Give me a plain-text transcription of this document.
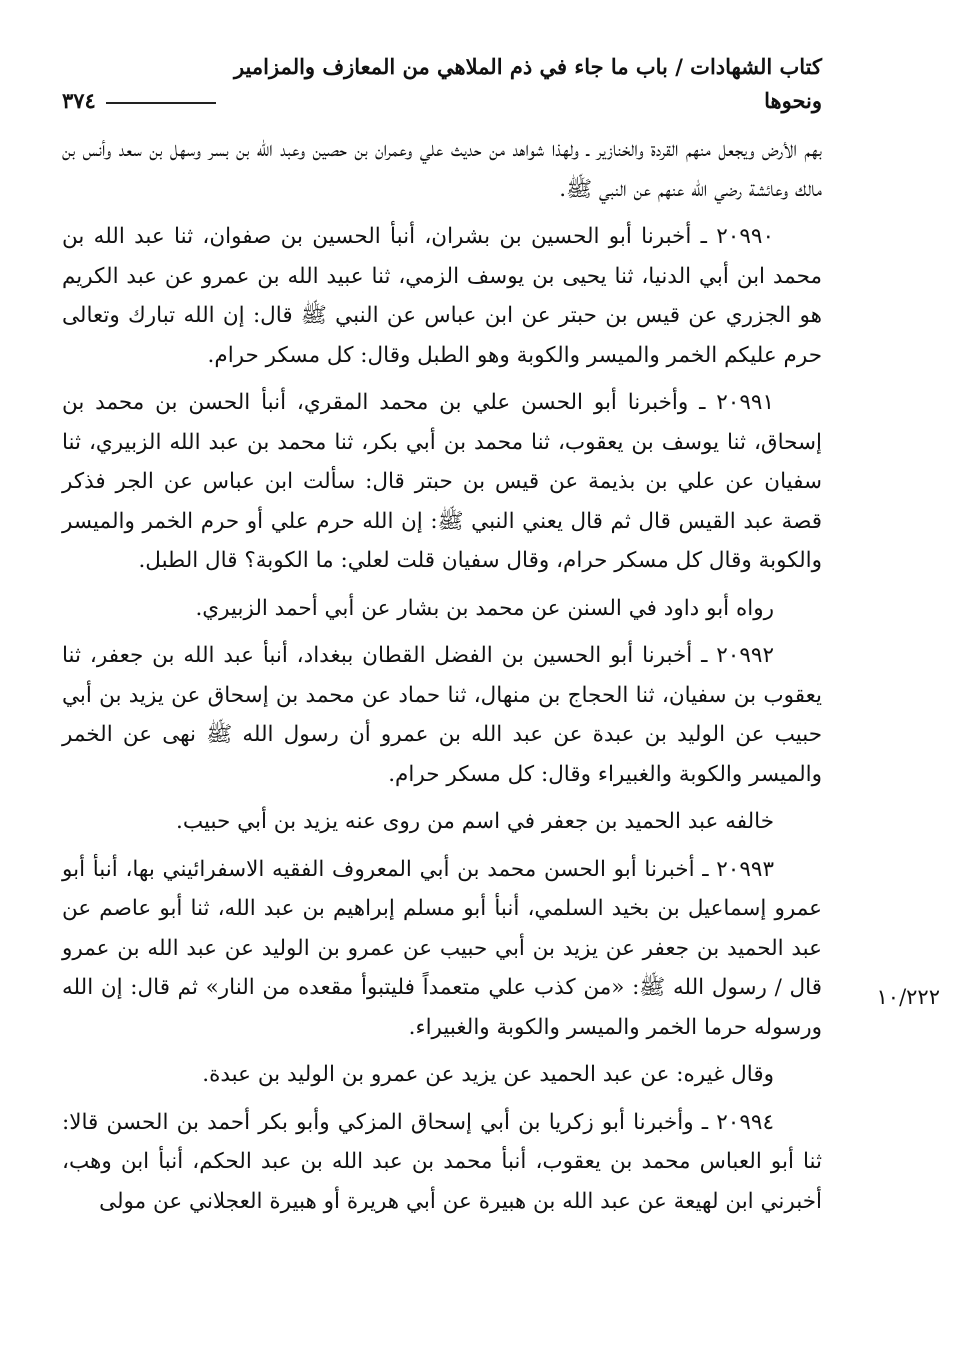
كتاب الشهادات / باب ما جاء في ذم الملاهي من المعازف والمزامير ونحوها
٣٧٤

بهم الأرض ويجعل منهم القردة والخنازير ـ ولهذا شواهد من حديث علي وعمران بن حصين وعبد الله بن بسر وسهل بن سعد وأنس بن مالك وعائشة رضي الله عنهم عن النبي ﷺ.

٢٠٩٩٠ ـ أخبرنا أبو الحسين بن بشران، أنبأ الحسين بن صفوان، ثنا عبد الله بن محمد ابن أبي الدنيا، ثنا يحيى بن يوسف الزمي، ثنا عبيد الله بن عمرو عن عبد الكريم هو الجزري عن قيس بن حبتر عن ابن عباس عن النبي ﷺ قال: إن الله تبارك وتعالى حرم عليكم الخمر والميسر والكوبة وهو الطبل وقال: كل مسكر حرام.

٢٠٩٩١ ـ وأخبرنا أبو الحسن علي بن محمد المقري، أنبأ الحسن بن محمد بن إسحاق، ثنا يوسف بن يعقوب، ثنا محمد بن أبي بكر، ثنا محمد بن عبد الله الزبيري، ثنا سفيان عن علي بن بذيمة عن قيس بن حبتر قال: سألت ابن عباس عن الجر فذكر قصة عبد القيس قال ثم قال يعني النبي ﷺ: إن الله حرم علي أو حرم الخمر والميسر والكوبة وقال كل مسكر حرام، وقال سفيان قلت لعلي: ما الكوبة؟ قال الطبل.

رواه أبو داود في السنن عن محمد بن بشار عن أبي أحمد الزبيري.

٢٠٩٩٢ ـ أخبرنا أبو الحسين بن الفضل القطان ببغداد، أنبأ عبد الله بن جعفر، ثنا يعقوب بن سفيان، ثنا الحجاج بن منهال، ثنا حماد عن محمد بن إسحاق عن يزيد بن أبي حبيب عن الوليد بن عبدة عن عبد الله بن عمرو أن رسول الله ﷺ نهى عن الخمر والميسر والكوبة والغبيراء وقال: كل مسكر حرام.

خالفه عبد الحميد بن جعفر في اسم من روى عنه يزيد بن أبي حبيب.

٢٠٩٩٣ ـ أخبرنا أبو الحسن محمد بن أبي المعروف الفقيه الاسفرائيني بها، أنبأ أبو عمرو إسماعيل بن بخيد السلمي، أنبأ أبو مسلم إبراهيم بن عبد الله، ثنا أبو عاصم عن عبد الحميد بن جعفر عن يزيد بن أبي حبيب عن عمرو بن الوليد عن عبد الله بن عمرو قال / رسول الله ﷺ: «من كذب علي متعمداً فليتبوأ مقعده من النار» ثم قال: إن الله ورسوله حرما الخمر والميسر والكوبة والغبيراء.

١٠/٢٢٢

وقال غيره: عن عبد الحميد عن يزيد عن عمرو بن الوليد بن عبدة.

٢٠٩٩٤ ـ وأخبرنا أبو زكريا بن أبي إسحاق المزكي وأبو بكر أحمد بن الحسن قالا: ثنا أبو العباس محمد بن يعقوب، أنبأ محمد بن عبد الله بن عبد الحكم، أنبأ ابن وهب، أخبرني ابن لهيعة عن عبد الله بن هبيرة عن أبي هريرة أو هبيرة العجلاني عن مولى
